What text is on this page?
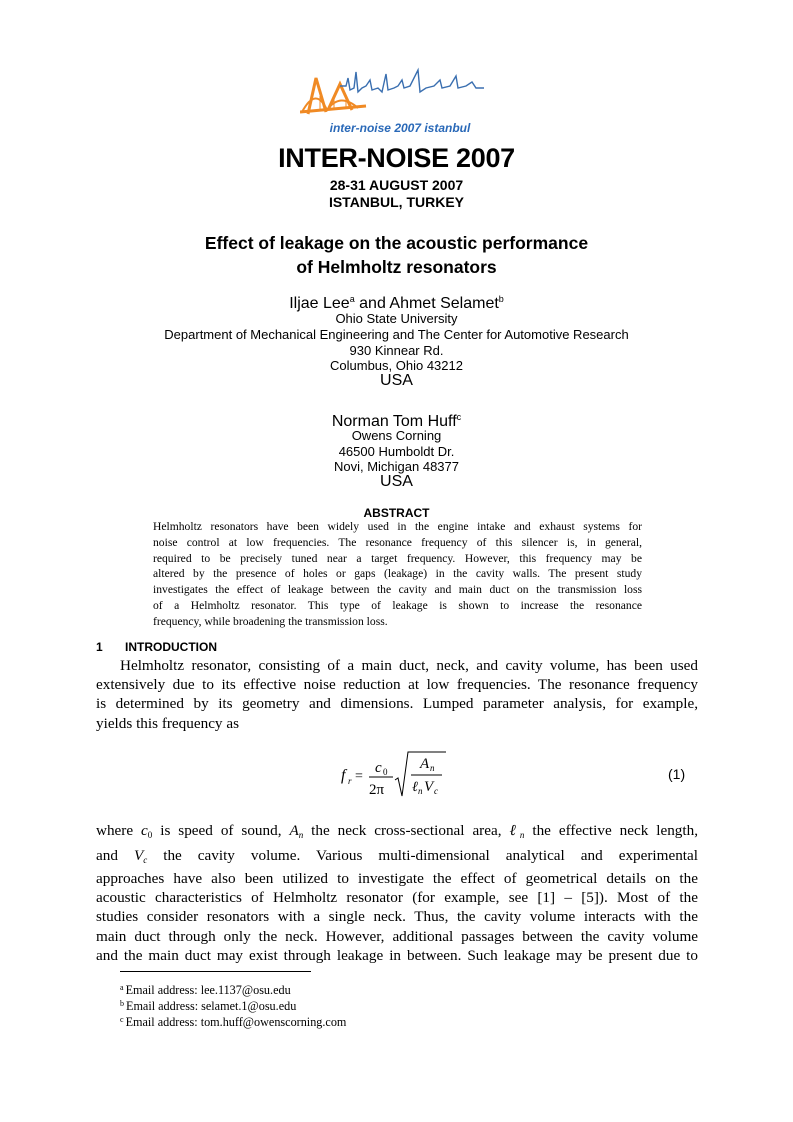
inter-noise 2007 istanbul
INTER-NOISE 2007
28-31 AUGUST 2007
ISTANBUL, TURKEY
Effect of leakage on the acoustic performance
of Helmholtz resonators
Iljae Lee$^a$ and Ahmet Selamet$^b$
Ohio State University
Department of Mechanical Engineering and The Center for Automotive Research
930 Kinnear Rd.
Columbus, Ohio 43212
USA
Norman Tom Huff$^c$
Owens Corning
46500 Humboldt Dr.
Novi, Michigan 48377
USA
ABSTRACT
Helmholtz resonators have been widely used in the engine intake and exhaust systems for
noise control at low frequencies. The resonance frequency of this silencer is, in general,
required to be precisely tuned near a target frequency. However, this frequency may be
altered by the presence of holes or gaps (leakage) in the cavity walls. The present study
investigates the effect of leakage between the cavity and main duct on the transmission loss
of a Helmholtz resonator. This type of leakage is shown to increase the resonance
frequency, while broadening the transmission loss.
1 INTRODUCTION
Helmholtz resonator, consisting of a main duct, neck, and cavity volume, has been used
extensively due to its effective noise reduction at low frequencies. The resonance frequency
is determined by its geometry and dimensions. Lumped parameter analysis, for example,
yields this frequency as
f r =
c 0
2π
A n
ℓ n V c
(1)
where c0 is speed of sound, $A_n$ the neck cross-sectional area, ℓ$_n$ the effective neck length,
and $V_c$ the cavity volume. Various multi-dimensional analytical and experimental
approaches have also been utilized to investigate the effect of geometrical details on the
acoustic characteristics of Helmholtz resonator (for example, see [1] – [5]). Most of the
studies consider resonators with a single neck. Thus, the cavity volume interacts with the
main duct through only the neck. However, additional passages between the cavity volume
and the main duct may exist through leakage in between. Such leakage may be present due to
$^a$ Email address: lee.1137@osu.edu
$^b$ Email address: selamet.1@osu.edu
$^c$ Email address: tom.huff@owenscorning.com
